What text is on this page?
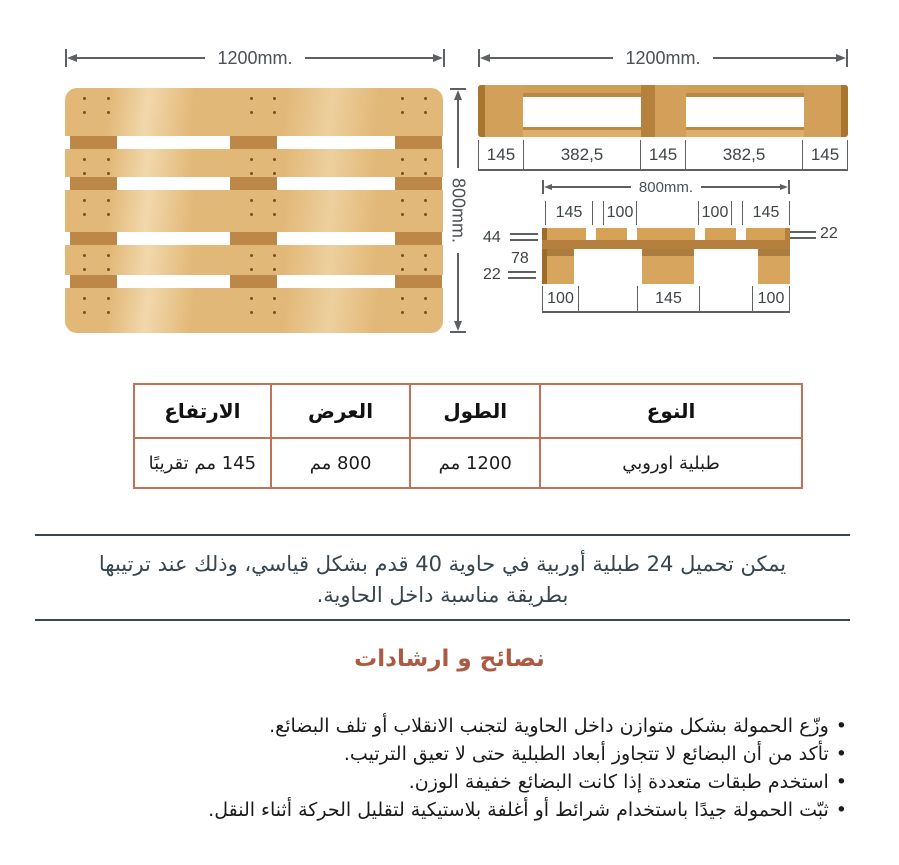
1200mm.
800mm.
1200mm.
145	382,5	145	382,5	145
800mm.
145	100	100	145
44
78
22
22
100	145	100
النوع	الطول	العرض	الارتفاع
طبلية اوروبي	1200 مم	800 مم	145 مم تقريبًا
يمكن تحميل 24 طبلية أوربية في حاوية 40 قدم بشكل قياسي، وذلك عند ترتيبها
بطريقة مناسبة داخل الحاوية.
نصائح و ارشادات
• وزّع الحمولة بشكل متوازن داخل الحاوية لتجنب الانقلاب أو تلف البضائع.
• تأكد من أن البضائع لا تتجاوز أبعاد الطبلية حتى لا تعيق الترتيب.
• استخدم طبقات متعددة إذا كانت البضائع خفيفة الوزن.
• ثبّت الحمولة جيدًا باستخدام شرائط أو أغلفة بلاستيكية لتقليل الحركة أثناء النقل.
